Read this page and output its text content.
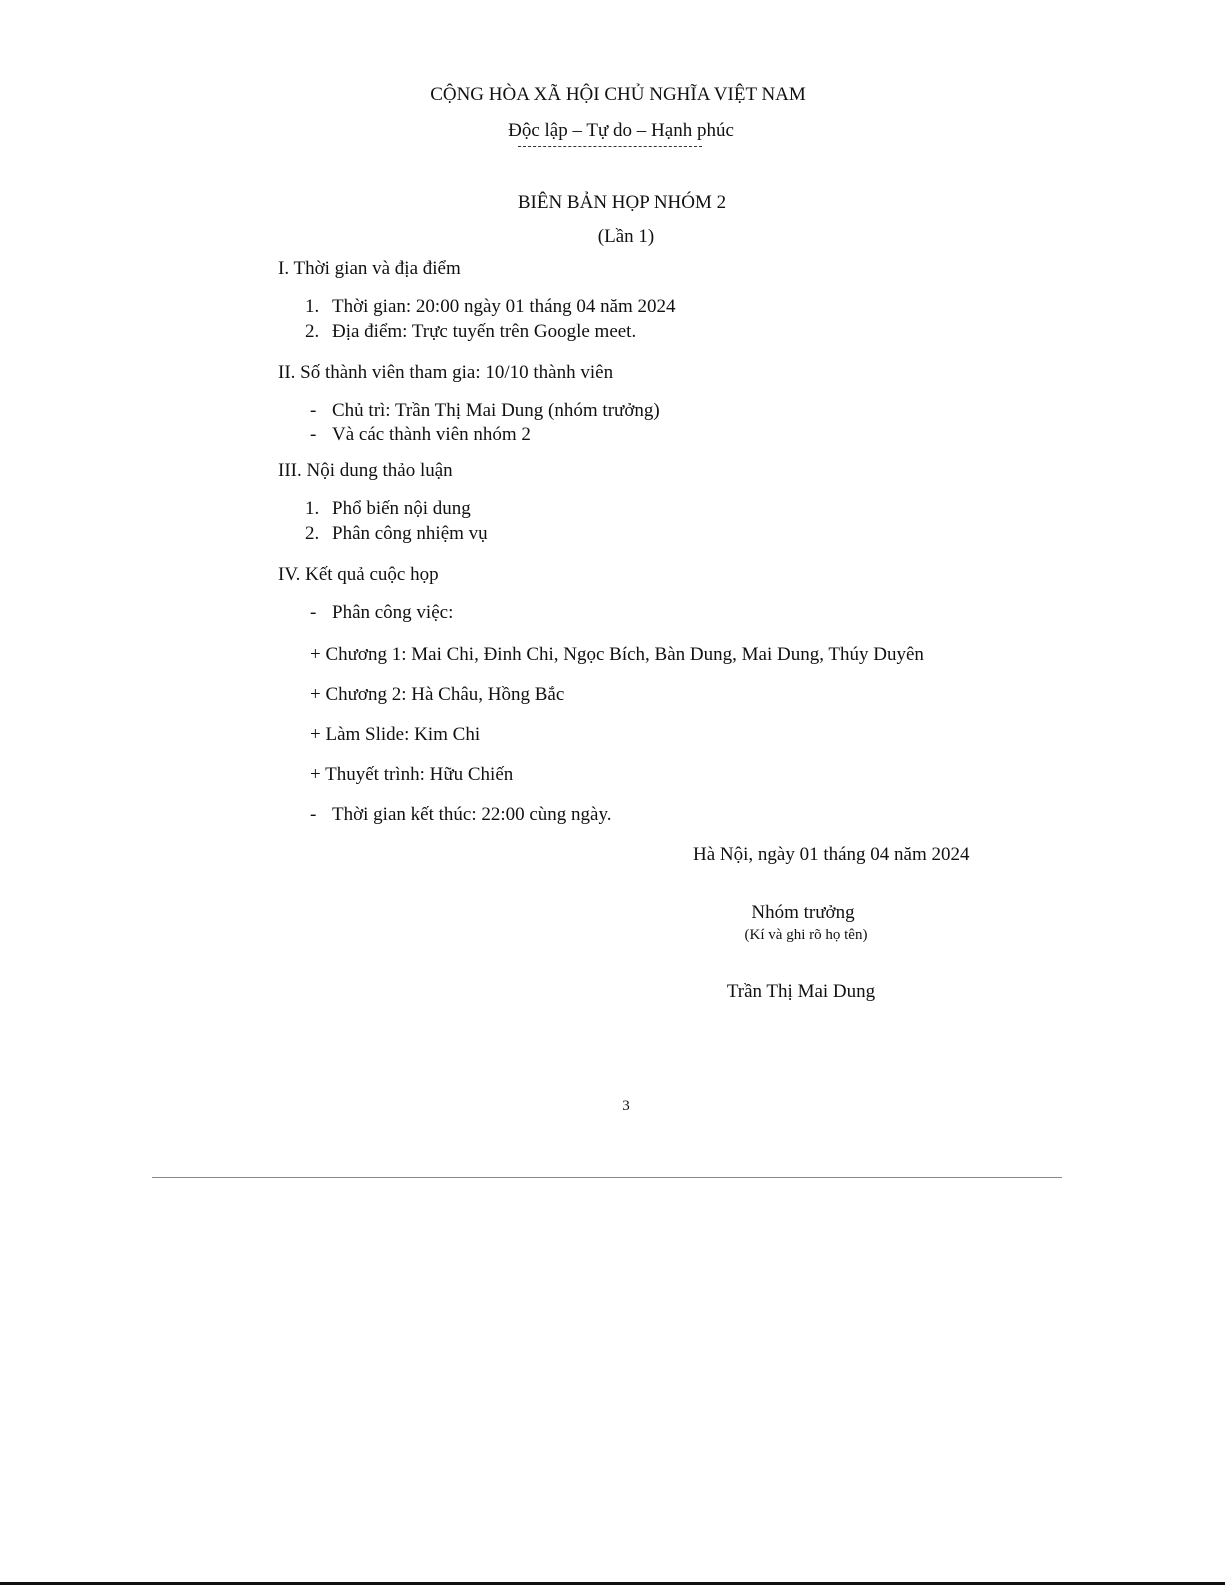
CỘNG HÒA XÃ HỘI CHỦ NGHĨA VIỆT NAM
Độc lập – Tự do – Hạnh phúc
BIÊN BẢN HỌP NHÓM 2
(Lần 1)
I. Thời gian và địa điểm
1. Thời gian: 20:00 ngày 01 tháng 04 năm 2024
2. Địa điểm: Trực tuyến trên Google meet.
II. Số thành viên tham gia: 10/10 thành viên
- Chủ trì: Trần Thị Mai Dung (nhóm trưởng)
- Và các thành viên nhóm 2
III. Nội dung thảo luận
1. Phổ biến nội dung
2. Phân công nhiệm vụ
IV. Kết quả cuộc họp
- Phân công việc:
+ Chương 1: Mai Chi, Đinh Chi, Ngọc Bích, Bàn Dung, Mai Dung, Thúy Duyên
+ Chương 2: Hà Châu, Hồng Bắc
+ Làm Slide: Kim Chi
+ Thuyết trình: Hữu Chiến
- Thời gian kết thúc: 22:00 cùng ngày.
Hà Nội, ngày 01 tháng 04 năm 2024
Nhóm trưởng
(Kí và ghi rõ họ tên)
Trần Thị Mai Dung
3
